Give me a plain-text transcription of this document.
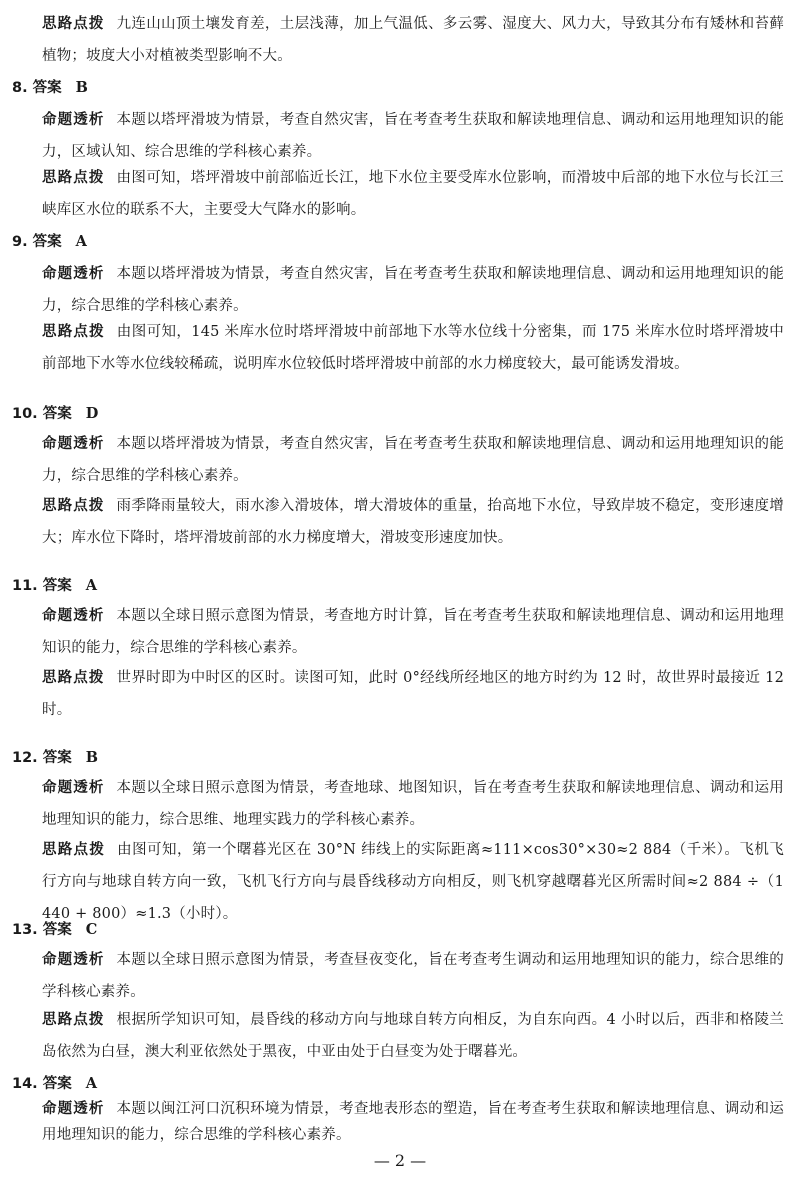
思路点拨 九连山山顶土壤发育差，土层浅薄，加上气温低、多云雾、湿度大、风力大，导致其分布有矮林和苔藓植物；坡度大小对植被类型影响不大。
8. 答案 B
命题透析 本题以塔坪滑坡为情景，考查自然灾害，旨在考查考生获取和解读地理信息、调动和运用地理知识的能力，区域认知、综合思维的学科核心素养。
思路点拨 由图可知，塔坪滑坡中前部临近长江，地下水位主要受库水位影响，而滑坡中后部的地下水位与长江三峡库区水位的联系不大，主要受大气降水的影响。
9. 答案 A
命题透析 本题以塔坪滑坡为情景，考查自然灾害，旨在考查考生获取和解读地理信息、调动和运用地理知识的能力，综合思维的学科核心素养。
思路点拨 由图可知，145 米库水位时塔坪滑坡中前部地下水等水位线十分密集，而 175 米库水位时塔坪滑坡中前部地下水等水位线较稀疏，说明库水位较低时塔坪滑坡中前部的水力梯度较大，最可能诱发滑坡。
10. 答案 D
命题透析 本题以塔坪滑坡为情景，考查自然灾害，旨在考查考生获取和解读地理信息、调动和运用地理知识的能力，综合思维的学科核心素养。
思路点拨 雨季降雨量较大，雨水渗入滑坡体，增大滑坡体的重量，抬高地下水位，导致岸坡不稳定，变形速度增大；库水位下降时，塔坪滑坡前部的水力梯度增大，滑坡变形速度加快。
11. 答案 A
命题透析 本题以全球日照示意图为情景，考查地方时计算，旨在考查考生获取和解读地理信息、调动和运用地理知识的能力，综合思维的学科核心素养。
思路点拨 世界时即为中时区的区时。读图可知，此时 0°经线所经地区的地方时约为 12 时，故世界时最接近 12 时。
12. 答案 B
命题透析 本题以全球日照示意图为情景，考查地球、地图知识，旨在考查考生获取和解读地理信息、调动和运用地理知识的能力，综合思维、地理实践力的学科核心素养。
思路点拨 由图可知，第一个曙暮光区在 30°N 纬线上的实际距离≈111×cos30°×30≈2 884（千米）。飞机飞行方向与地球自转方向一致，飞机飞行方向与晨昏线移动方向相反，则飞机穿越曙暮光区所需时间≈2 884 ÷（1 440 + 800）≈1.3（小时）。
13. 答案 C
命题透析 本题以全球日照示意图为情景，考查昼夜变化，旨在考查考生调动和运用地理知识的能力，综合思维的学科核心素养。
思路点拨 根据所学知识可知，晨昏线的移动方向与地球自转方向相反，为自东向西。4 小时以后，西非和格陵兰岛依然为白昼，澳大利亚依然处于黑夜，中亚由处于白昼变为处于曙暮光。
14. 答案 A
命题透析 本题以闽江河口沉积环境为情景，考查地表形态的塑造，旨在考查考生获取和解读地理信息、调动和运用地理知识的能力，综合思维的学科核心素养。
— 2 —
